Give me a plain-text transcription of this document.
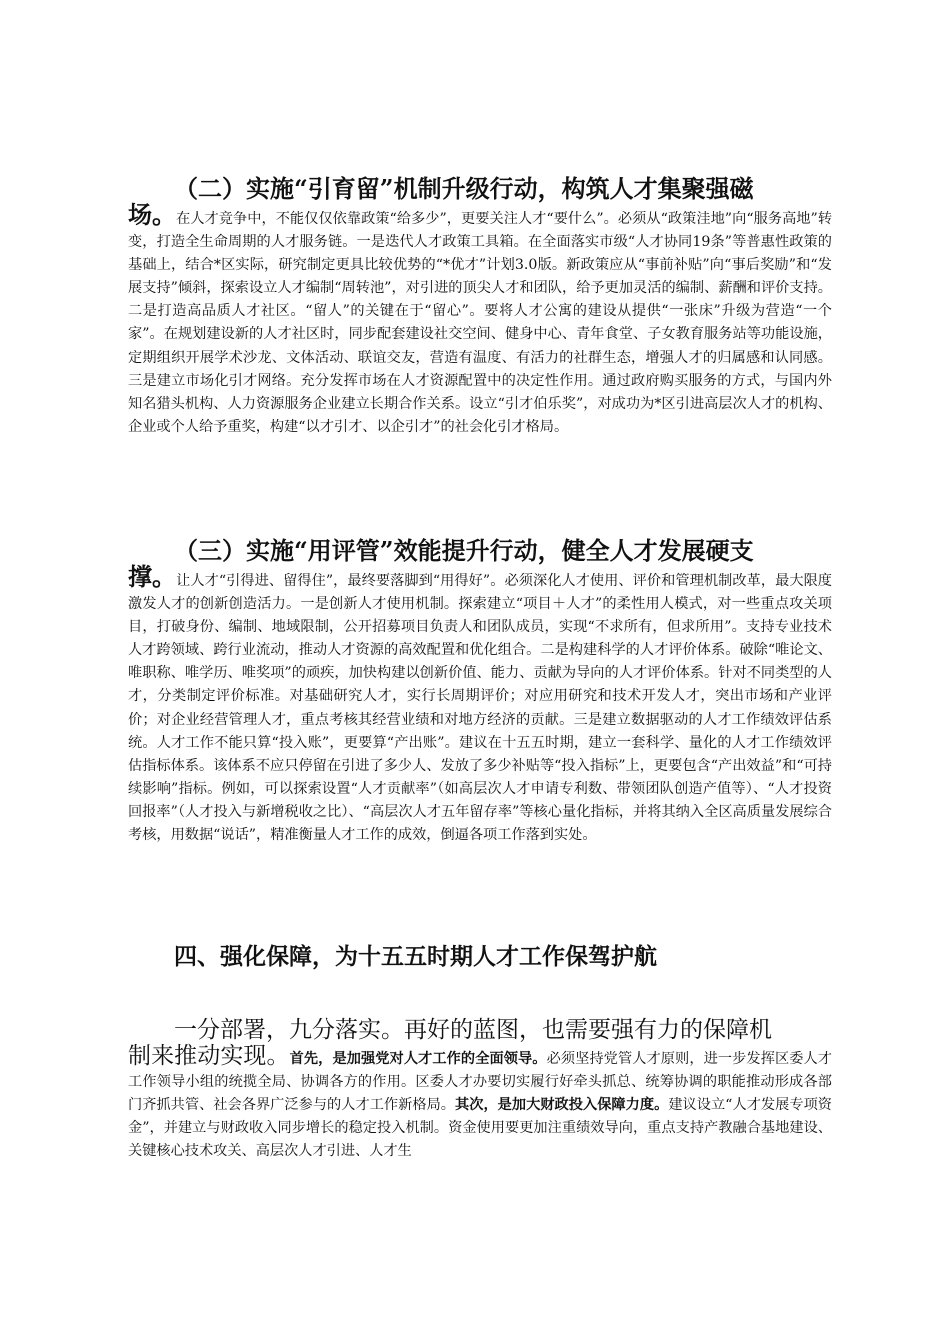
（二）实施“引育留”机制升级行动，构筑人才集聚强磁
场。在人才竞争中，不能仅仅依靠政策“给多少”，更要关注人才“要什么”。必须从“政策洼地”向“服务高地”转变，打造全生命周期的人才服务链。一是迭代人才政策工具箱。在全面落实市级“人才协同19条”等普惠性政策的基础上，结合*区实际，研究制定更具比较优势的“*优才”计划3.0版。新政策应从“事前补贴”向“事后奖励”和“发展支持”倾斜，探索设立人才编制“周转池”，对引进的顶尖人才和团队，给予更加灵活的编制、薪酬和评价支持。二是打造高品质人才社区。“留人”的关键在于“留心”。要将人才公寓的建设从提供“一张床”升级为营造“一个家”。在规划建设新的人才社区时，同步配套建设社交空间、健身中心、青年食堂、子女教育服务站等功能设施，定期组织开展学术沙龙、文体活动、联谊交友，营造有温度、有活力的社群生态，增强人才的归属感和认同感。三是建立市场化引才网络。充分发挥市场在人才资源配置中的决定性作用。通过政府购买服务的方式，与国内外知名猎头机构、人力资源服务企业建立长期合作关系。设立“引才伯乐奖”，对成功为*区引进高层次人才的机构、企业或个人给予重奖，构建“以才引才、以企引才”的社会化引才格局。
（三）实施“用评管”效能提升行动，健全人才发展硬支
撑。让人才“引得进、留得住”，最终要落脚到“用得好”。必须深化人才使用、评价和管理机制改革，最大限度激发人才的创新创造活力。一是创新人才使用机制。探索建立“项目＋人才”的柔性用人模式，对一些重点攻关项目，打破身份、编制、地域限制，公开招募项目负责人和团队成员，实现“不求所有，但求所用”。支持专业技术人才跨领域、跨行业流动，推动人才资源的高效配置和优化组合。二是构建科学的人才评价体系。破除“唯论文、唯职称、唯学历、唯奖项”的顽疾，加快构建以创新价值、能力、贡献为导向的人才评价体系。针对不同类型的人才，分类制定评价标准。对基础研究人才，实行长周期评价；对应用研究和技术开发人才，突出市场和产业评价；对企业经营管理人才，重点考核其经营业绩和对地方经济的贡献。三是建立数据驱动的人才工作绩效评估系统。人才工作不能只算“投入账”，更要算“产出账”。建议在十五五时期，建立一套科学、量化的人才工作绩效评估指标体系。该体系不应只停留在引进了多少人、发放了多少补贴等“投入指标”上，更要包含“产出效益”和“可持续影响”指标。例如，可以探索设置“人才贡献率”（如高层次人才申请专利数、带领团队创造产值等）、“人才投资回报率”（人才投入与新增税收之比）、“高层次人才五年留存率”等核心量化指标，并将其纳入全区高质量发展综合考核，用数据“说话”，精准衡量人才工作的成效，倒逼各项工作落到实处。
四、强化保障，为十五五时期人才工作保驾护航
一分部署，九分落实。再好的蓝图，也需要强有力的保障机
制来推动实现。首先，是加强党对人才工作的全面领导。必须坚持党管人才原则，进一步发挥区委人才工作领导小组的统揽全局、协调各方的作用。区委人才办要切实履行好牵头抓总、统筹协调的职能推动形成各部门齐抓共管、社会各界广泛参与的人才工作新格局。其次，是加大财政投入保障力度。建议设立“人才发展专项资金”，并建立与财政收入同步增长的稳定投入机制。资金使用要更加注重绩效导向，重点支持产教融合基地建设、关键核心技术攻关、高层次人才引进、人才生
